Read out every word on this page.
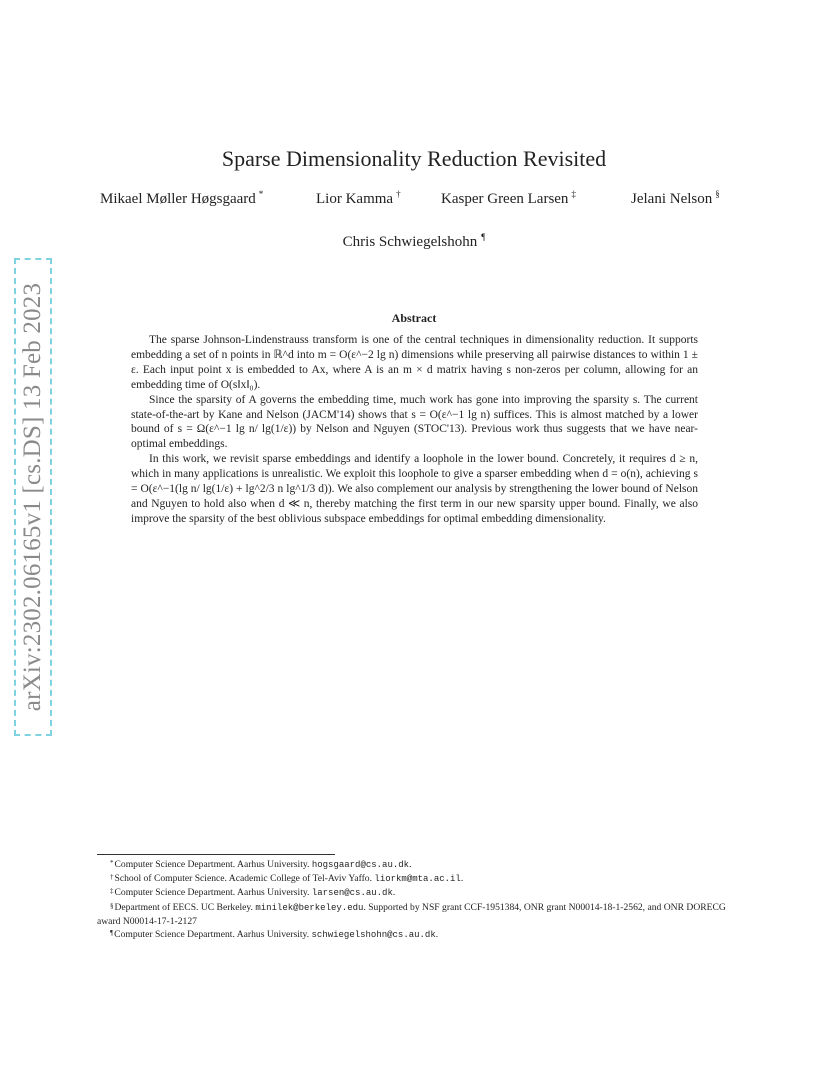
arXiv:2302.06165v1 [cs.DS] 13 Feb 2023
Sparse Dimensionality Reduction Revisited
Mikael Møller Høgsgaard *	Lior Kamma †	Kasper Green Larsen ‡	Jelani Nelson §
Chris Schwiegelshohn ¶
Abstract

The sparse Johnson-Lindenstrauss transform is one of the central techniques in dimensionality reduction. It supports embedding a set of n points in ℝ^d into m = O(ε^−2 lg n) dimensions while preserving all pairwise distances to within 1 ± ε. Each input point x is embedded to Ax, where A is an m × d matrix having s non-zeros per column, allowing for an embedding time of O(s‖x‖₀).

Since the sparsity of A governs the embedding time, much work has gone into improving the sparsity s. The current state-of-the-art by Kane and Nelson (JACM'14) shows that s = O(ε^−1 lg n) suffices. This is almost matched by a lower bound of s = Ω(ε^−1 lg n/ lg(1/ε)) by Nelson and Nguyen (STOC'13). Previous work thus suggests that we have near-optimal embeddings.

In this work, we revisit sparse embeddings and identify a loophole in the lower bound. Concretely, it requires d ≥ n, which in many applications is unrealistic. We exploit this loophole to give a sparser embedding when d = o(n), achieving s = O(ε^−1(lg n/ lg(1/ε) + lg^2/3 n lg^1/3 d)). We also complement our analysis by strengthening the lower bound of Nelson and Nguyen to hold also when d ≪ n, thereby matching the first term in our new sparsity upper bound. Finally, we also improve the sparsity of the best oblivious subspace embeddings for optimal embedding dimensionality.

*Computer Science Department. Aarhus University. hogsgaard@cs.au.dk.

†School of Computer Science. Academic College of Tel-Aviv Yaffo. liorkm@mta.ac.il.

‡Computer Science Department. Aarhus University. larsen@cs.au.dk.

§Department of EECS. UC Berkeley. minilek@berkeley.edu. Supported by NSF grant CCF-1951384, ONR grant N00014-18-1-2562, and ONR DORECG award N00014-17-1-2127

¶Computer Science Department. Aarhus University. schwiegelshohn@cs.au.dk.
